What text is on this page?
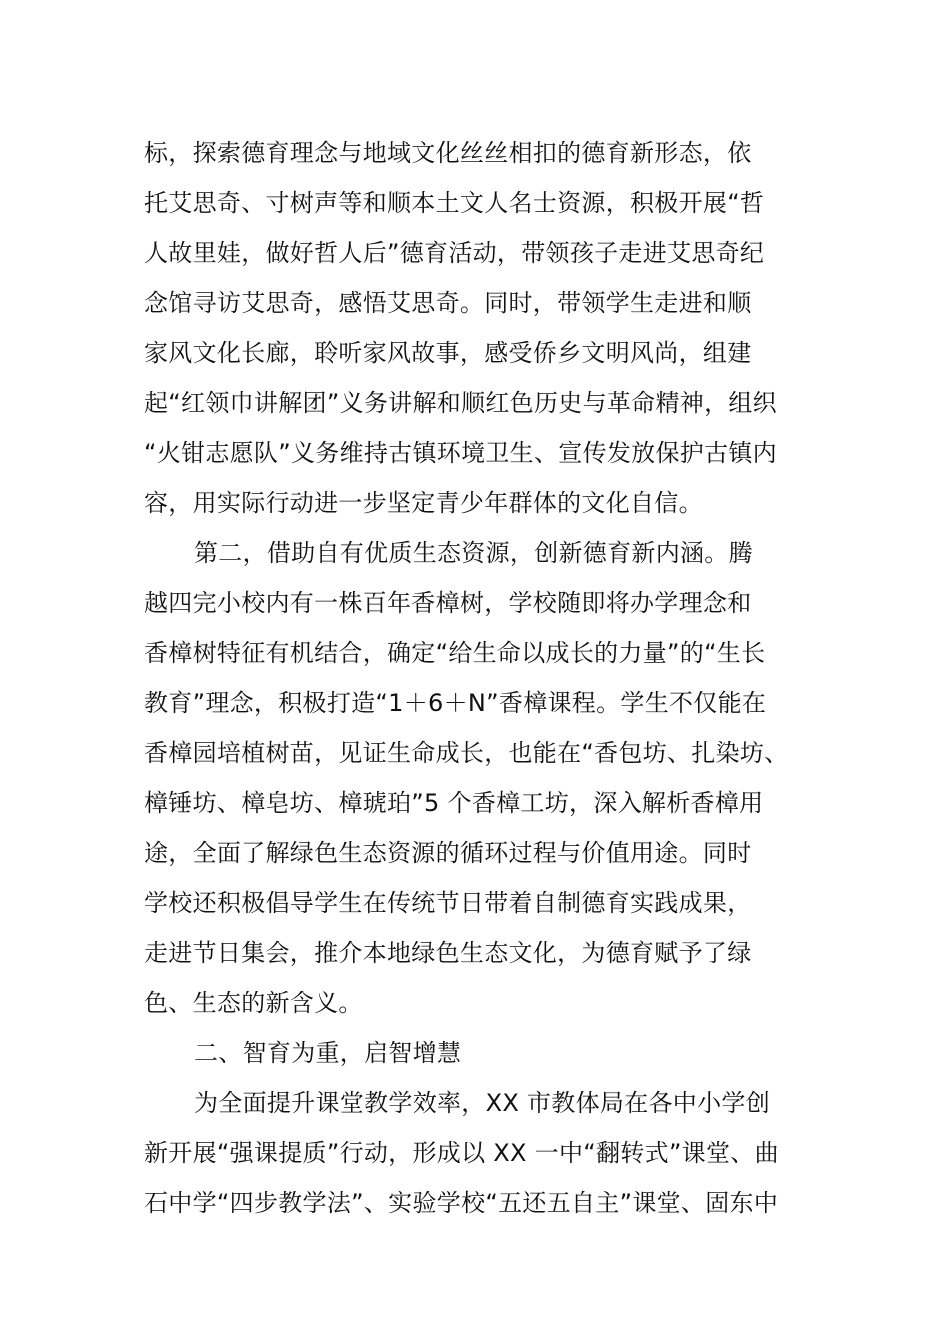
标，探索德育理念与地域文化丝丝相扣的德育新形态，依
托艾思奇、寸树声等和顺本土文人名士资源，积极开展“哲
人故里娃，做好哲人后”德育活动，带领孩子走进艾思奇纪
念馆寻访艾思奇，感悟艾思奇。同时，带领学生走进和顺
家风文化长廊，聆听家风故事，感受侨乡文明风尚，组建
起“红领巾讲解团”义务讲解和顺红色历史与革命精神，组织
“火钳志愿队”义务维持古镇环境卫生、宣传发放保护古镇内
容，用实际行动进一步坚定青少年群体的文化自信。
第二，借助自有优质生态资源，创新德育新内涵。腾
越四完小校内有一株百年香樟树，学校随即将办学理念和
香樟树特征有机结合，确定“给生命以成长的力量”的“生长
教育”理念，积极打造“1＋6＋N”香樟课程。学生不仅能在
香樟园培植树苗，见证生命成长，也能在“香包坊、扎染坊、
樟锤坊、樟皂坊、樟琥珀”5 个香樟工坊，深入解析香樟用
途，全面了解绿色生态资源的循环过程与价值用途。同时
学校还积极倡导学生在传统节日带着自制德育实践成果，
走进节日集会，推介本地绿色生态文化，为德育赋予了绿
色、生态的新含义。
二、智育为重，启智增慧
为全面提升课堂教学效率，XX 市教体局在各中小学创
新开展“强课提质”行动，形成以 XX 一中“翻转式”课堂、曲
石中学“四步教学法”、实验学校“五还五自主”课堂、固东中
